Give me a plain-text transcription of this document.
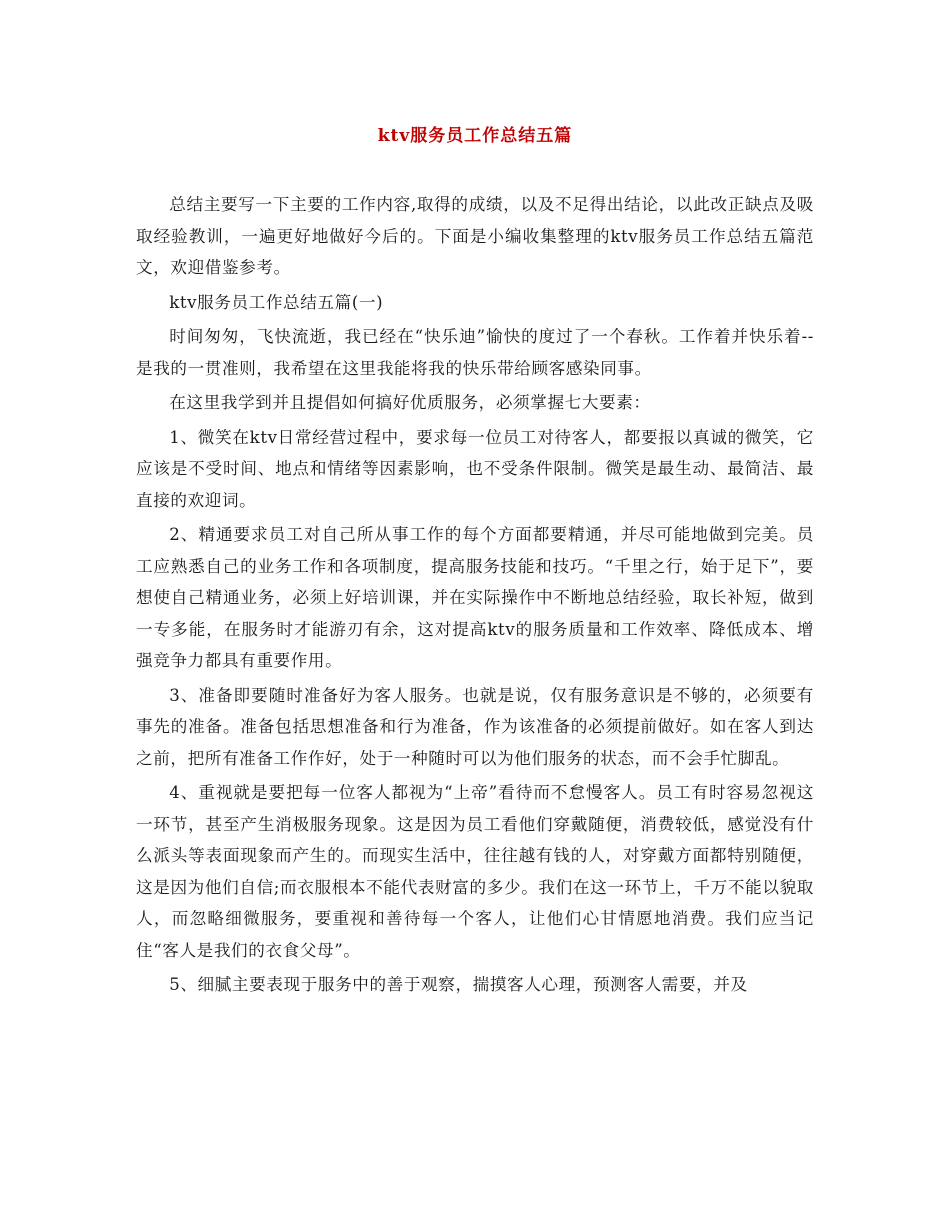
ktv服务员工作总结五篇

总结主要写一下主要的工作内容,取得的成绩，以及不足得出结论，以此改正缺点及吸取经验教训，一遍更好地做好今后的。下面是小编收集整理的ktv服务员工作总结五篇范文，欢迎借鉴参考。

ktv服务员工作总结五篇(一)

时间匆匆，飞快流逝，我已经在“快乐迪”愉快的度过了一个春秋。工作着并快乐着--是我的一贯准则，我希望在这里我能将我的快乐带给顾客感染同事。

在这里我学到并且提倡如何搞好优质服务，必须掌握七大要素：

1、微笑在ktv日常经营过程中，要求每一位员工对待客人，都要报以真诚的微笑，它应该是不受时间、地点和情绪等因素影响，也不受条件限制。微笑是最生动、最简洁、最直接的欢迎词。

2、精通要求员工对自己所从事工作的每个方面都要精通，并尽可能地做到完美。员工应熟悉自己的业务工作和各项制度，提高服务技能和技巧。“千里之行，始于足下”，要想使自己精通业务，必须上好培训课，并在实际操作中不断地总结经验，取长补短，做到一专多能，在服务时才能游刃有余，这对提高ktv的服务质量和工作效率、降低成本、增强竞争力都具有重要作用。

3、准备即要随时准备好为客人服务。也就是说，仅有服务意识是不够的，必须要有事先的准备。准备包括思想准备和行为准备，作为该准备的必须提前做好。如在客人到达之前，把所有准备工作作好，处于一种随时可以为他们服务的状态，而不会手忙脚乱。

4、重视就是要把每一位客人都视为“上帝”看待而不怠慢客人。员工有时容易忽视这一环节，甚至产生消极服务现象。这是因为员工看他们穿戴随便，消费较低，感觉没有什么派头等表面现象而产生的。而现实生活中，往往越有钱的人，对穿戴方面都特别随便，这是因为他们自信;而衣服根本不能代表财富的多少。我们在这一环节上，千万不能以貌取人，而忽略细微服务，要重视和善待每一个客人，让他们心甘情愿地消费。我们应当记住“客人是我们的衣食父母”。

5、细腻主要表现于服务中的善于观察，揣摸客人心理，预测客人需要，并及
